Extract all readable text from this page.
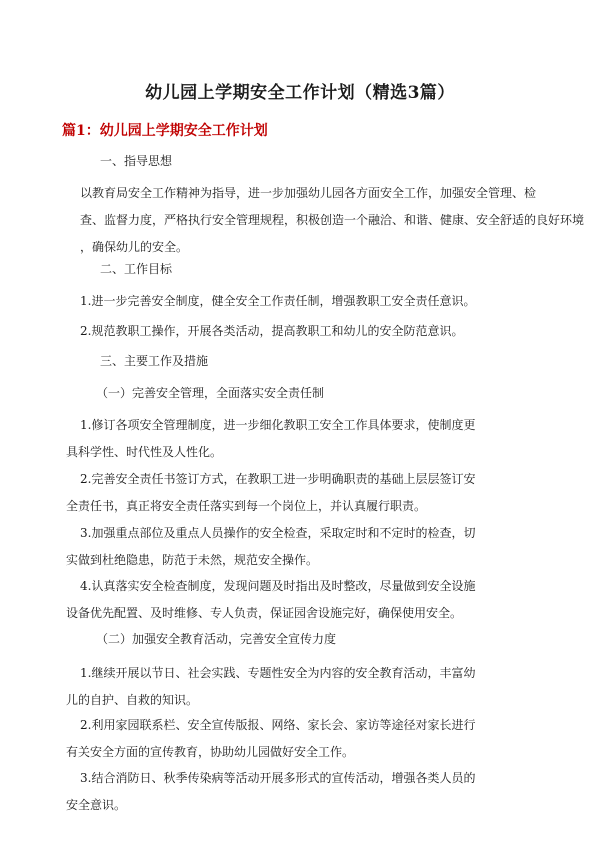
幼儿园上学期安全工作计划（精选3篇）
篇1：幼儿园上学期安全工作计划
一、指导思想
以教育局安全工作精神为指导，进一步加强幼儿园各方面安全工作，加强安全管理、检
查、监督力度，严格执行安全管理规程，积极创造一个融洽、和谐、健康、安全舒适的良好环境
，确保幼儿的安全。
二、工作目标
1.进一步完善安全制度，健全安全工作责任制，增强教职工安全责任意识。
2.规范教职工操作，开展各类活动，提高教职工和幼儿的安全防范意识。
三、主要工作及措施
（一）完善安全管理，全面落实安全责任制
1.修订各项安全管理制度，进一步细化教职工安全工作具体要求，使制度更
具科学性、时代性及人性化。
2.完善安全责任书签订方式，在教职工进一步明确职责的基础上层层签订安
全责任书，真正将安全责任落实到每一个岗位上，并认真履行职责。
3.加强重点部位及重点人员操作的安全检查，采取定时和不定时的检查，切
实做到杜绝隐患，防范于未然，规范安全操作。
4.认真落实安全检查制度，发现问题及时指出及时整改，尽量做到安全设施
设备优先配置、及时维修、专人负责，保证园舍设施完好，确保使用安全。
（二）加强安全教育活动，完善安全宣传力度
1.继续开展以节日、社会实践、专题性安全为内容的安全教育活动，丰富幼
儿的自护、自救的知识。
2.利用家园联系栏、安全宣传版报、网络、家长会、家访等途径对家长进行
有关安全方面的宣传教育，协助幼儿园做好安全工作。
3.结合消防日、秋季传染病等活动开展多形式的宣传活动，增强各类人员的
安全意识。
